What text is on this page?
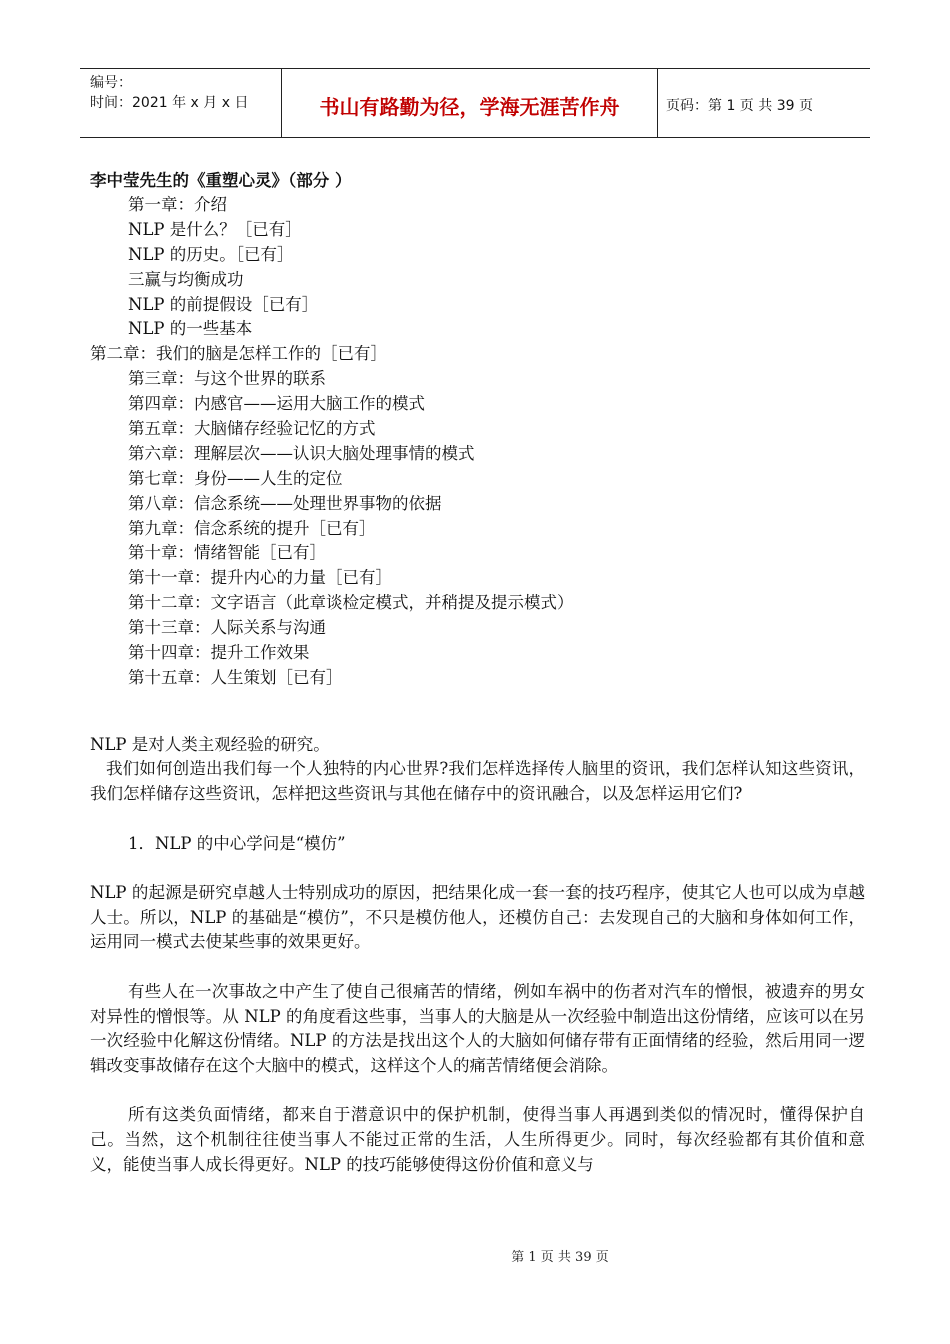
编号：
时间：2021 年 x 月 x 日	书山有路勤为径，学海无涯苦作舟	页码：第 1 页 共 39 页
李中莹先生的《重塑心灵》（部分 ）
第一章：介绍
NLP 是什么？［已有］
NLP 的历史。［已有］
三赢与均衡成功
NLP 的前提假设［已有］
NLP 的一些基本
第二章：我们的脑是怎样工作的［已有］
第三章：与这个世界的联系
第四章：内感官——运用大脑工作的模式
第五章：大脑储存经验记忆的方式
第六章：理解层次——认识大脑处理事情的模式
第七章：身份——人生的定位
第八章：信念系统——处理世界事物的依据
第九章：信念系统的提升［已有］
第十章：情绪智能［已有］
第十一章：提升内心的力量［已有］
第十二章：文字语言（此章谈检定模式，并稍提及提示模式）
第十三章：人际关系与沟通
第十四章：提升工作效果
第十五章：人生策划［已有］
NLP 是对人类主观经验的研究。
我们如何创造出我们每一个人独特的内心世界?我们怎样选择传人脑里的资讯，我们怎样认知这些资讯，我们怎样储存这些资讯，怎样把这些资讯与其他在储存中的资讯融合，以及怎样运用它们?
1．NLP 的中心学问是“模仿”
NLP 的起源是研究卓越人士特别成功的原因，把结果化成一套一套的技巧程序，使其它人也可以成为卓越人士。所以，NLP 的基础是“模仿”，不只是模仿他人，还模仿自己：去发现自己的大脑和身体如何工作，运用同一模式去使某些事的效果更好。
有些人在一次事故之中产生了使自己很痛苦的情绪，例如车祸中的伤者对汽车的憎恨，被遗弃的男女对异性的憎恨等。从 NLP 的角度看这些事，当事人的大脑是从一次经验中制造出这份情绪，应该可以在另一次经验中化解这份情绪。NLP 的方法是找出这个人的大脑如何储存带有正面情绪的经验，然后用同一逻辑改变事故储存在这个大脑中的模式，这样这个人的痛苦情绪便会消除。
所有这类负面情绪，都来自于潜意识中的保护机制，使得当事人再遇到类似的情况时，懂得保护自己。当然，这个机制往往使当事人不能过正常的生活，人生所得更少。同时，每次经验都有其价值和意义，能使当事人成长得更好。NLP 的技巧能够使得这份价值和意义与
第 1 页 共 39 页
